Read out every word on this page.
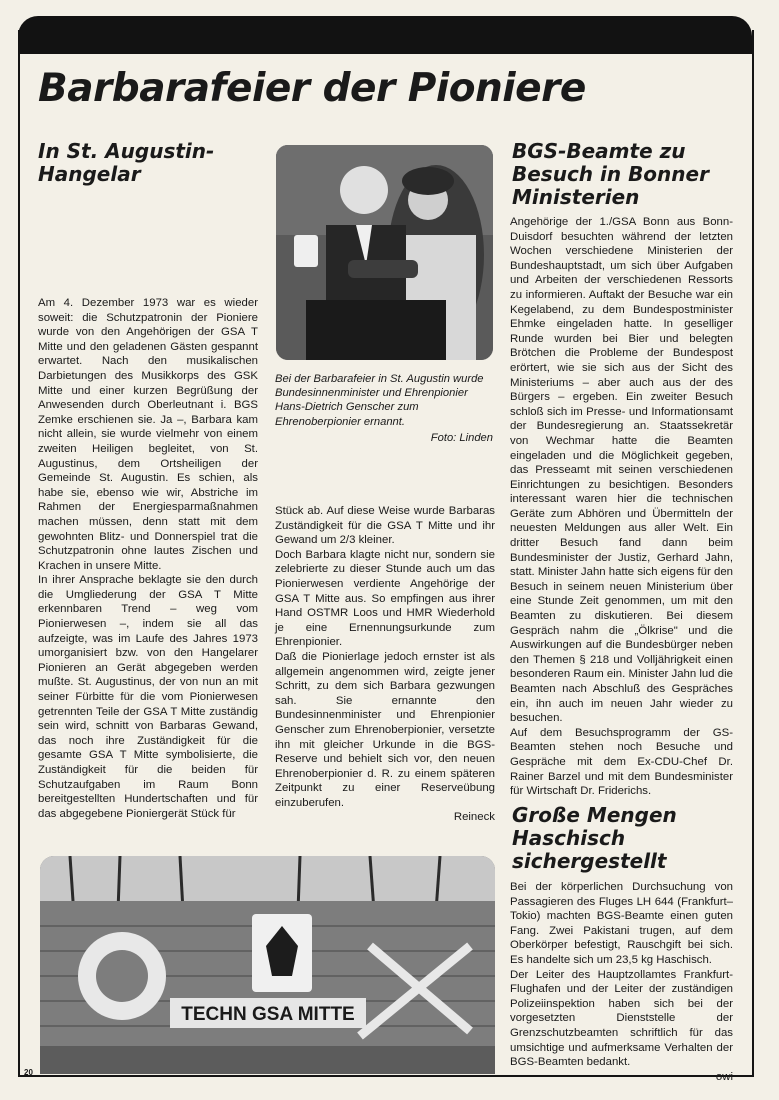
Barbarafeier der Pioniere
In St. Augustin-Hangelar

Am 4. Dezember 1973 war es wieder soweit: die Schutzpatronin der Pioniere wurde von den Angehörigen der GSA T Mitte und den geladenen Gästen gespannt erwartet. Nach den musikalischen Darbietungen des Musikkorps des GSK Mitte und einer kurzen Begrüßung der Anwesenden durch Oberleutnant i. BGS Zemke erschienen sie. Ja –, Barbara kam nicht allein, sie wurde vielmehr von einem zweiten Heiligen begleitet, von St. Augustinus, dem Ortsheiligen der Gemeinde St. Augustin. Es schien, als habe sie, ebenso wie wir, Abstriche im Rahmen der Energiesparmaßnahmen machen müssen, denn statt mit dem gewohnten Blitz- und Donnerspiel trat die Schutzpatronin ohne lautes Zischen und Krachen in unsere Mitte.

In ihrer Ansprache beklagte sie den durch die Umgliederung der GSA T Mitte erkennbaren Trend – weg vom Pionierwesen –, indem sie all das aufzeigte, was im Laufe des Jahres 1973 umorganisiert bzw. von den Hangelarer Pionieren an Gerät abgegeben werden mußte. St. Augustinus, der von nun an mit seiner Fürbitte für die vom Pionierwesen getrennten Teile der GSA T Mitte zuständig sein wird, schnitt von Barbaras Gewand, das noch ihre Zuständigkeit für die gesamte GSA T Mitte symbolisierte, die Zuständigkeit für die beiden für Schutzaufgaben im Raum Bonn bereitgestellten Hundertschaften und für das abgegebene Pioniergerät Stück für

Bei der Barbarafeier in St. Augustin wurde Bundesinnenminister und Ehrenpionier Hans-Dietrich Genscher zum Ehrenoberpionier ernannt.

Foto: Linden

Stück ab. Auf diese Weise wurde Barbaras Zuständigkeit für die GSA T Mitte und ihr Gewand um 2/3 kleiner.

Doch Barbara klagte nicht nur, sondern sie zelebrierte zu dieser Stunde auch um das Pionierwesen verdiente Angehörige der GSA T Mitte aus. So empfingen aus ihrer Hand OSTMR Loos und HMR Wiederhold je eine Ernennungsurkunde zum Ehrenpionier.

Daß die Pionierlage jedoch ernster ist als allgemein angenommen wird, zeigte jener Schritt, zu dem sich Barbara gezwungen sah. Sie ernannte den Bundesinnenminister und Ehrenpionier Genscher zum Ehrenoberpionier, versetzte ihn mit gleicher Urkunde in die BGS-Reserve und behielt sich vor, den neuen Ehrenoberpionier d. R. zu einem späteren Zeitpunkt zu einer Reserveübung einzuberufen.

Reineck

BGS-Beamte zu Besuch in Bonner Ministerien

Angehörige der 1./GSA Bonn aus Bonn-Duisdorf besuchten während der letzten Wochen verschiedene Ministerien der Bundeshauptstadt, um sich über Aufgaben und Arbeiten der verschiedenen Ressorts zu informieren. Auftakt der Besuche war ein Kegelabend, zu dem Bundespostminister Ehmke eingeladen hatte. In geselliger Runde wurden bei Bier und belegten Brötchen die Probleme der Bundespost erörtert, wie sie sich aus der Sicht des Ministeriums – aber auch aus der des Bürgers – ergeben. Ein zweiter Besuch schloß sich im Presse- und Informationsamt der Bundesregierung an. Staatssekretär von Wechmar hatte die Beamten eingeladen und die Möglichkeit gegeben, das Presseamt mit seinen verschiedenen Einrichtungen zu besichtigen. Besonders interessant waren hier die technischen Geräte zum Abhören und Übermitteln der neuesten Meldungen aus aller Welt. Ein dritter Besuch fand dann beim Bundesminister der Justiz, Gerhard Jahn, statt. Minister Jahn hatte sich eigens für den Besuch in seinem neuen Ministerium über eine Stunde Zeit genommen, um mit den Beamten zu diskutieren. Bei diesem Gespräch nahm die „Ölkrise" und die Auswirkungen auf die Bundesbürger neben den Themen § 218 und Volljährigkeit einen besonderen Raum ein. Minister Jahn lud die Beamten nach Abschluß des Gespräches ein, ihn auch im neuen Jahr wieder zu besuchen.

Auf dem Besuchsprogramm der GS-Beamten stehen noch Besuche und Gespräche mit dem Ex-CDU-Chef Dr. Rainer Barzel und mit dem Bundesminister für Wirtschaft Dr. Friderichs.

Große Mengen Haschisch sichergestellt

Bei der körperlichen Durchsuchung von Passagieren des Fluges LH 644 (Frankfurt–Tokio) machten BGS-Beamte einen guten Fang. Zwei Pakistani trugen, auf dem Oberkörper befestigt, Rauschgift bei sich. Es handelte sich um 23,5 kg Haschisch.

Der Leiter des Hauptzollamtes Frankfurt-Flughafen und der Leiter der zuständigen Polizeiinspektion haben sich bei der vorgesetzten Dienststelle der Grenzschutzbeamten schriftlich für das umsichtige und aufmerksame Verhalten der BGS-Beamten bedankt.

owi

TECHN GSA MITTE
20
